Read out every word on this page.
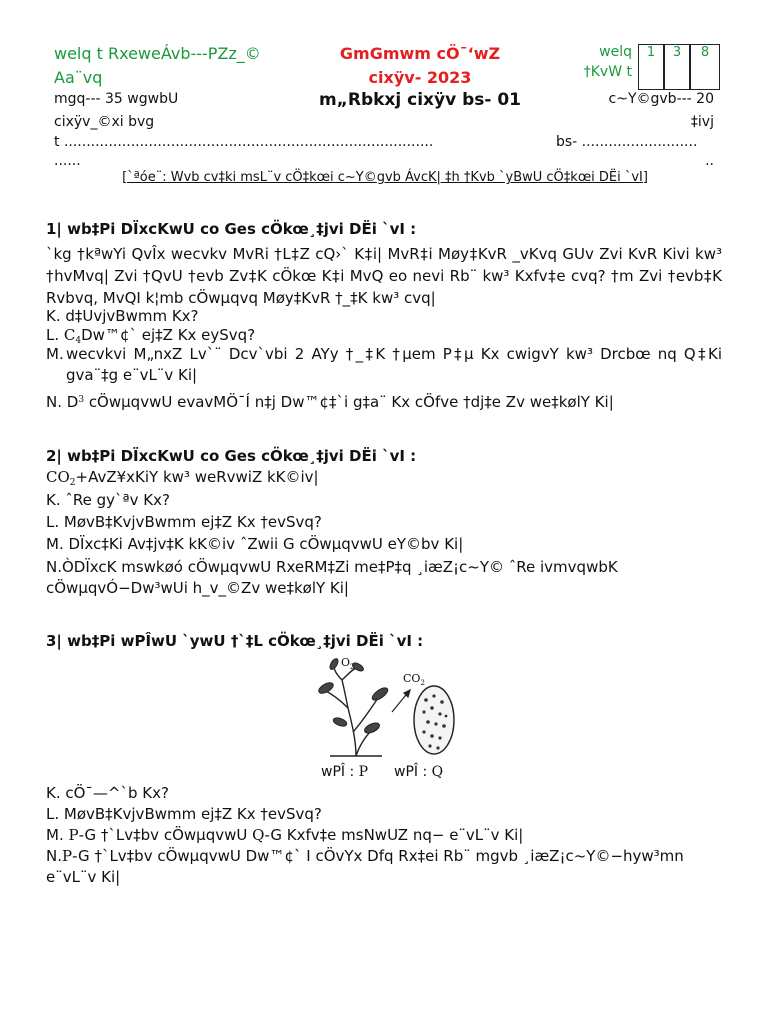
welq t RxeweÁvb---PZz_©
Aa¨vq
GmGmwm cÖ¯‘wZ
cixÿv- 2023
m„Rbkxj cixÿv bs- 01
welq
†KvW t
1	3	8
mgq--- 35 wgwbU	c~Y©gvb--- 20
cixÿv_©xi bvg	‡ivj
t ...................................................................................	bs- ..........................
......	..
[`ªóe¨: Wvb cv‡ki msL¨v cÖ‡kœi c~Y©gvb ÁvcK| ‡h †Kvb `yBwU cÖ‡kœi DËi `vI]
1| wb‡Pi DÏxcKwU co Ges cÖkœ¸‡jvi DËi `vI :
`kg †kªwYi QvÎx wecvkv MvRi †L‡Z cQ›` K‡i| MvR‡i Møy‡KvR _vKvq GUv Zvi KvR Kivi kw³ †hvMvq| Zvi †QvU †evb Zv‡K cÖkœ K‡i MvQ eo nevi Rb¨ kw³ Kxfv‡e cvq? †m Zvi †evb‡K Rvbvq, MvQI k¦mb cÖwµqvq Møy‡KvR †_‡K kw³ cvq|
K. d‡UvjvBwmm Kx?
L. $C_4Dw™¢`$ ej‡Z Kx eySvq?
M. wecvkvi M„nxZ Lv`¨ Dcv`vbi 2 AYy †_‡K †µem P‡µ Kx cwigvY kw³ Drcbœ nq Q‡Ki gva¨‡g e¨vL¨v Ki|
N. $D^3$ cÖwµqvwU evavMÖ¯Í n‡j Dw™¢‡`i g‡a¨ Kx cÖfve †dj‡e Zv we‡kølY Ki|
2| wb‡Pi DÏxcKwU co Ges cÖkœ¸‡jvi DËi `vI :
$CO_2+AvZ¥xKiY$ kw³ weRvwiZ kK©iv|
K. ˆRe gy`ªv Kx?
L. MøvB‡KvjvBwmm ej‡Z Kx †evSvq?
M. DÏxc‡Ki Av‡jv‡K kK©iv ˆZwii G cÖwµqvwU eY©bv Ki|
N.ÒDÏxcK mswkøó cÖwµqvwU RxeRM‡Zi me‡P‡q ¸iæZ¡c~Y© ˆRe ivmvqwbK
cÖwµqvÓ−Dw³wUi h_v_©Zv we‡kølY Ki|
3| wb‡Pi wPÎwU `ywU †`‡L cÖkœ¸‡jvi DËi `vI :
$O_2$
$CO_2$
wPÎ : P wPÎ : Q
K. cÖ¯—^`b Kx?
L. MøvB‡KvjvBwmm ej‡Z Kx †evSvq?
M. P-G †`Lv‡bv cÖwµqvwU Q-G Kxfv‡e msNwUZ nq− e¨vL¨v Ki|
N.P-G †`Lv‡bv cÖwµqvwU Dw™¢` I cÖvYx Dfq Rx‡ei Rb¨ mgvb ¸iæZ¡c~Y©−hyw³mn
e¨vL¨v Ki|
